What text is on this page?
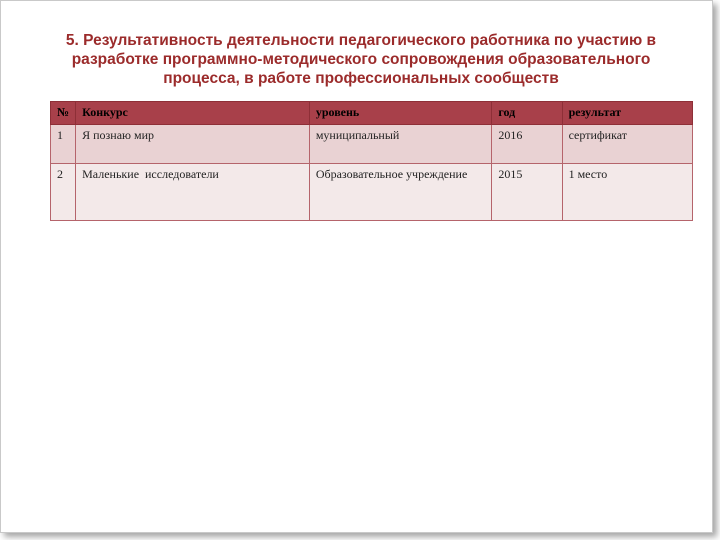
5. Результативность деятельности педагогического работника по участию в разработке программно-методического сопровождения образовательного процесса, в работе профессиональных сообществ
№	Конкурс	уровень	год	результат
1	Я познаю мир	муниципальный	2016	сертификат
2	Маленькие  исследователи	Образовательное учреждение	2015	1 место
